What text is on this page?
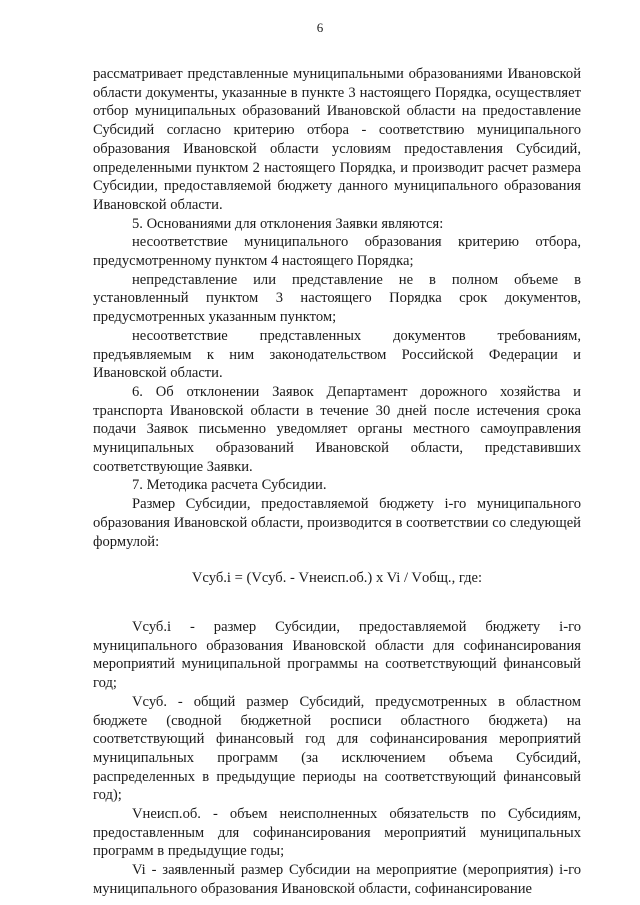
6

рассматривает представленные муниципальными образованиями Ивановской области документы, указанные в пункте 3 настоящего Порядка, осуществляет отбор муниципальных образований Ивановской области на предоставление Субсидий согласно критерию отбора - соответствию муниципального образования Ивановской области условиям предоставления Субсидий, определенными пунктом 2 настоящего Порядка, и производит расчет размера Субсидии, предоставляемой бюджету данного муниципального образования Ивановской области.

5. Основаниями для отклонения Заявки являются:

несоответствие муниципального образования критерию отбора, предусмотренному пунктом 4 настоящего Порядка;

непредставление или представление не в полном объеме в установленный пунктом 3 настоящего Порядка срок документов, предусмотренных указанным пунктом;

несоответствие представленных документов требованиям, предъявляемым к ним законодательством Российской Федерации и Ивановской области.

6. Об отклонении Заявок Департамент дорожного хозяйства и транспорта Ивановской области в течение 30 дней после истечения срока подачи Заявок письменно уведомляет органы местного самоуправления муниципальных образований Ивановской области, представивших соответствующие Заявки.

7. Методика расчета Субсидии.

Размер Субсидии, предоставляемой бюджету i-го муниципального образования Ивановской области, производится в соответствии со следующей формулой:

Vсуб.i = (Vсуб. - Vнеисп.об.) x Vi / Vобщ., где:

Vсуб.i - размер Субсидии, предоставляемой бюджету i-го муниципального образования Ивановской области для софинансирования мероприятий муниципальной программы на соответствующий финансовый год;

Vсуб. - общий размер Субсидий, предусмотренных в областном бюджете (сводной бюджетной росписи областного бюджета) на соответствующий финансовый год для софинансирования мероприятий муниципальных программ (за исключением объема Субсидий, распределенных в предыдущие периоды на соответствующий финансовый год);

Vнеисп.об. - объем неисполненных обязательств по Субсидиям, предоставленным для софинансирования мероприятий муниципальных программ в предыдущие годы;

Vi - заявленный размер Субсидии на мероприятие (мероприятия) i-го муниципального образования Ивановской области, софинансирование
